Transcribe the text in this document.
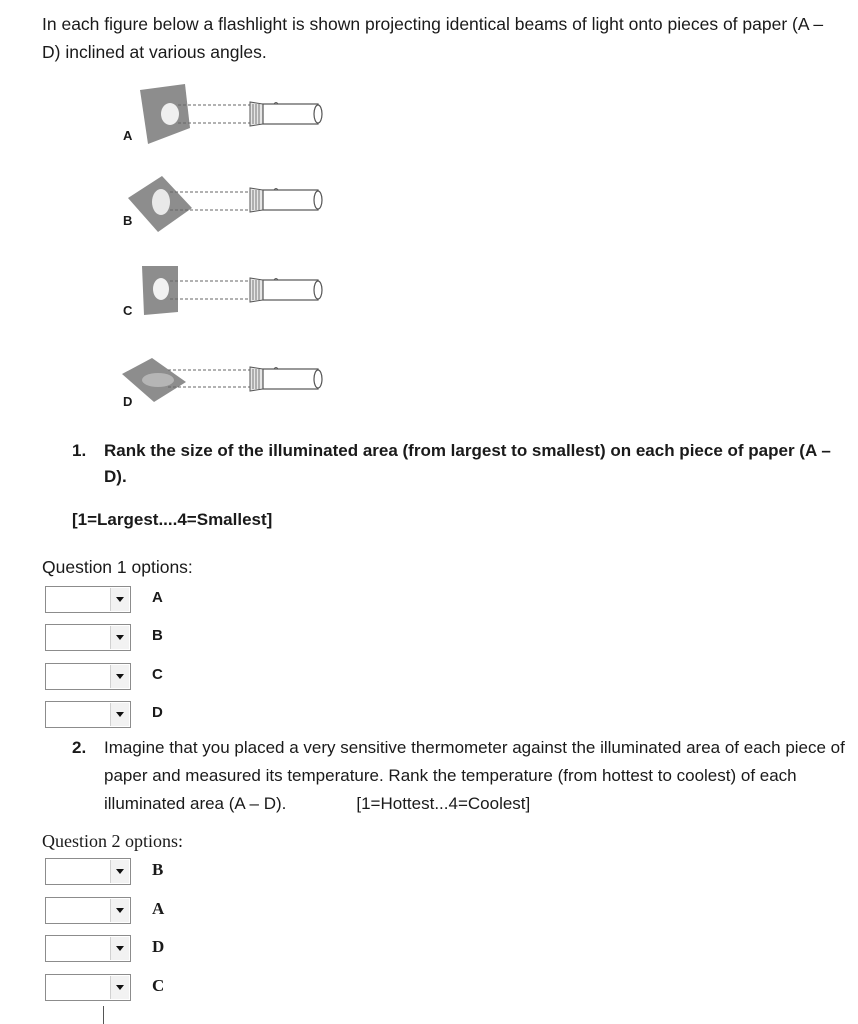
In each figure below a flashlight is shown projecting identical beams of light onto pieces of paper (A – D) inclined at various angles.
A
B
C
D
1. Rank the size of the illuminated area (from largest to smallest) on each piece of paper (A – D).
[1=Largest....4=Smallest]
Question 1 options:
A
B
C
D
2. Imagine that you placed a very sensitive thermometer against the illuminated area of each piece of paper and measured its temperature. Rank the temperature (from hottest to coolest) of each illuminated area (A – D).	[1=Hottest...4=Coolest]
Question 2 options:
B
A
D
C
